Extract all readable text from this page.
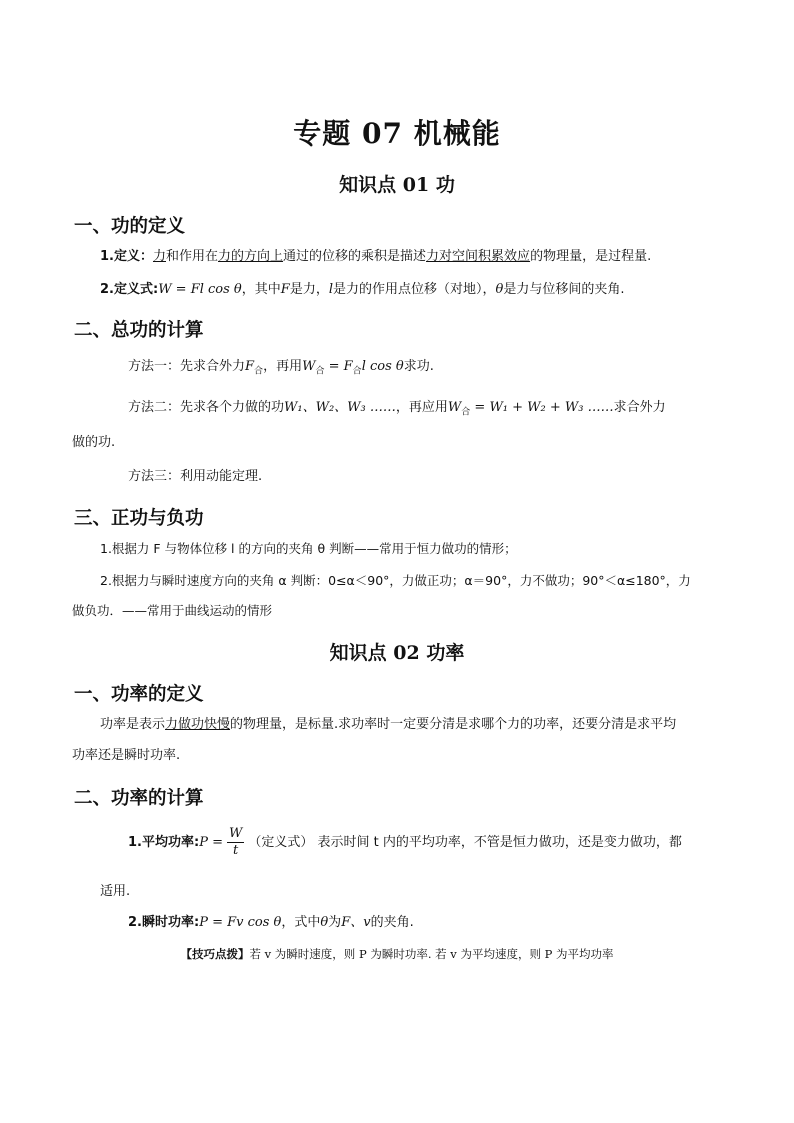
专题 07 机械能
知识点 01 功
一、功的定义
1.定义：力和作用在力的方向上通过的位移的乘积是描述力对空间积累效应的物理量，是过程量.
2.定义式:W = Fl cos θ，其中F是力，l是力的作用点位移（对地），θ是力与位移间的夹角.
二、总功的计算
方法一：先求合外力$F_合$，再用$W_合 = F_合l$ cos θ求功.
方法二：先求各个力做的功W₁、W₂、W₃ ……，再应用$W_合 = W_1 + W_2 + W_3$ ……求合外力
做的功.
方法三：利用动能定理.
三、正功与负功
1.根据力 F 与物体位移 l 的方向的夹角 θ 判断——常用于恒力做功的情形；
2.根据力与瞬时速度方向的夹角 α 判断：0≤α＜90°，力做正功；α＝90°，力不做功；90°＜α≤180°，力
做负功．——常用于曲线运动的情形
知识点 02 功率
一、功率的定义
功率是表示力做功快慢的物理量，是标量.求功率时一定要分清是求哪个力的功率，还要分清是求平均
功率还是瞬时功率.
二、功率的计算
1.平均功率:P = $\frac{W}{t}$ （定义式） 表示时间 t 内的平均功率，不管是恒力做功，还是变力做功，都
适用.
2.瞬时功率:P = Fv cos θ，式中θ为F、v的夹角.
【技巧点拨】若 v 为瞬时速度，则 P 为瞬时功率. 若 v 为平均速度，则 P 为平均功率
